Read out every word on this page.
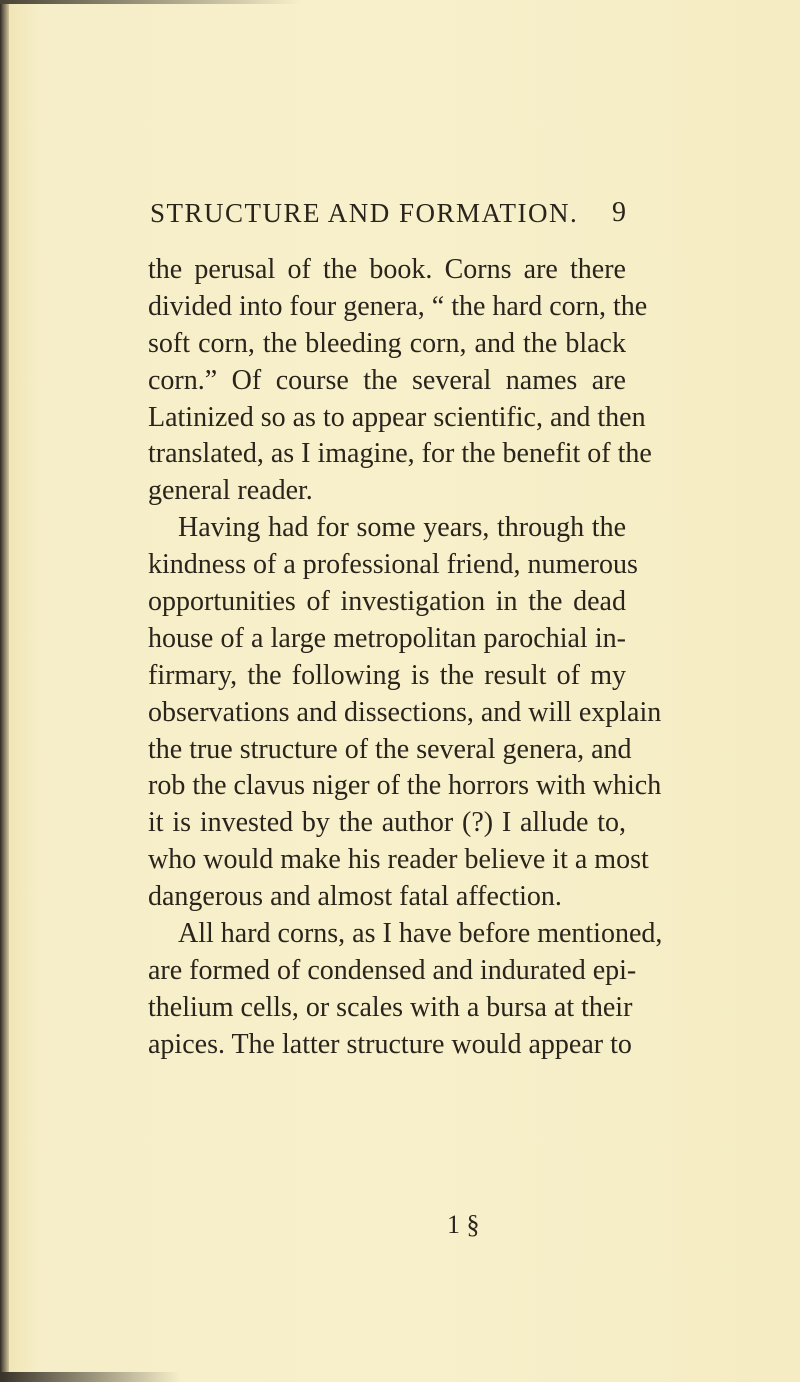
STRUCTURE AND FORMATION. 9
the perusal of the book. Corns are there
divided into four genera, “ the hard corn, the
soft corn, the bleeding corn, and the black
corn.” Of course the several names are
Latinized so as to appear scientific, and then
translated, as I imagine, for the benefit of the
general reader.
Having had for some years, through the
kindness of a professional friend, numerous
opportunities of investigation in the dead
house of a large metropolitan parochial in-
firmary, the following is the result of my
observations and dissections, and will explain
the true structure of the several genera, and
rob the clavus niger of the horrors with which
it is invested by the author (?) I allude to,
who would make his reader believe it a most
dangerous and almost fatal affection.
All hard corns, as I have before mentioned,
are formed of condensed and indurated epi-
thelium cells, or scales with a bursa at their
apices. The latter structure would appear to
1 §
